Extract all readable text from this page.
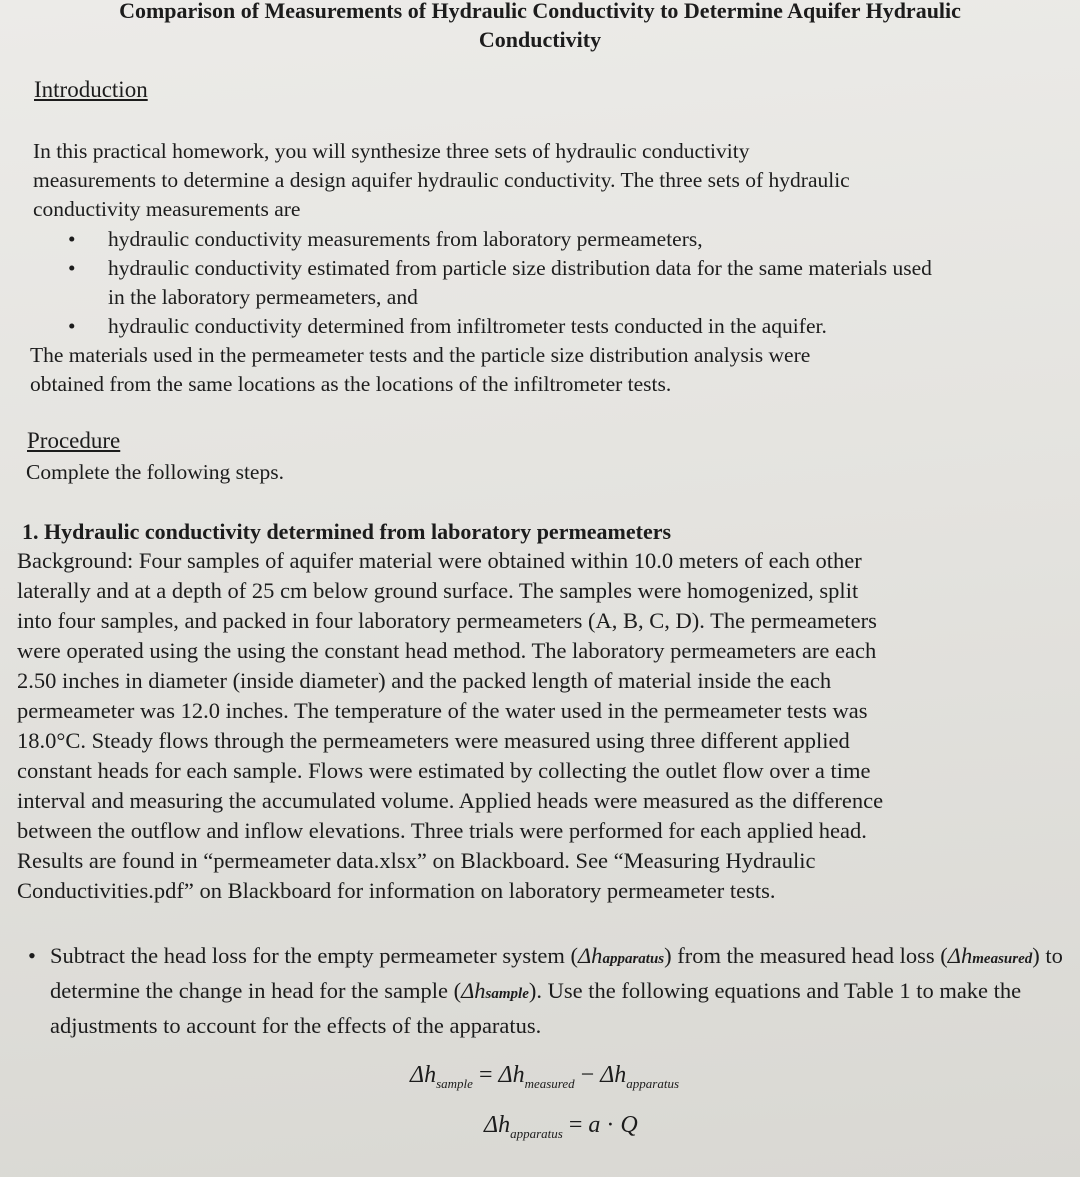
Comparison of Measurements of Hydraulic Conductivity to Determine Aquifer Hydraulic
Conductivity
Introduction
In this practical homework, you will synthesize three sets of hydraulic conductivity
measurements to determine a design aquifer hydraulic conductivity. The three sets of hydraulic
conductivity measurements are
• hydraulic conductivity measurements from laboratory permeameters,
• hydraulic conductivity estimated from particle size distribution data for the same materials used in the laboratory permeameters, and
• hydraulic conductivity determined from infiltrometer tests conducted in the aquifer.
The materials used in the permeameter tests and the particle size distribution analysis were
obtained from the same locations as the locations of the infiltrometer tests.
Procedure
Complete the following steps.
1. Hydraulic conductivity determined from laboratory permeameters
Background: Four samples of aquifer material were obtained within 10.0 meters of each other
laterally and at a depth of 25 cm below ground surface. The samples were homogenized, split
into four samples, and packed in four laboratory permeameters (A, B, C, D). The permeameters
were operated using the using the constant head method. The laboratory permeameters are each
2.50 inches in diameter (inside diameter) and the packed length of material inside the each
permeameter was 12.0 inches. The temperature of the water used in the permeameter tests was
18.0°C. Steady flows through the permeameters were measured using three different applied
constant heads for each sample. Flows were estimated by collecting the outlet flow over a time
interval and measuring the accumulated volume. Applied heads were measured as the difference
between the outflow and inflow elevations. Three trials were performed for each applied head.
Results are found in “permeameter data.xlsx” on Blackboard. See “Measuring Hydraulic
Conductivities.pdf” on Blackboard for information on laboratory permeameter tests.
• Subtract the head loss for the empty permeameter system (Δhapparatus) from the measured head loss (Δhmeasured) to determine the change in head for the sample (Δhsample). Use the following equations and Table 1 to make the adjustments to account for the effects of the apparatus.
$\Delta h_{sample} = \Delta h_{measured} - \Delta h_{apparatus}$
$\Delta h_{apparatus} = a \cdot Q$
